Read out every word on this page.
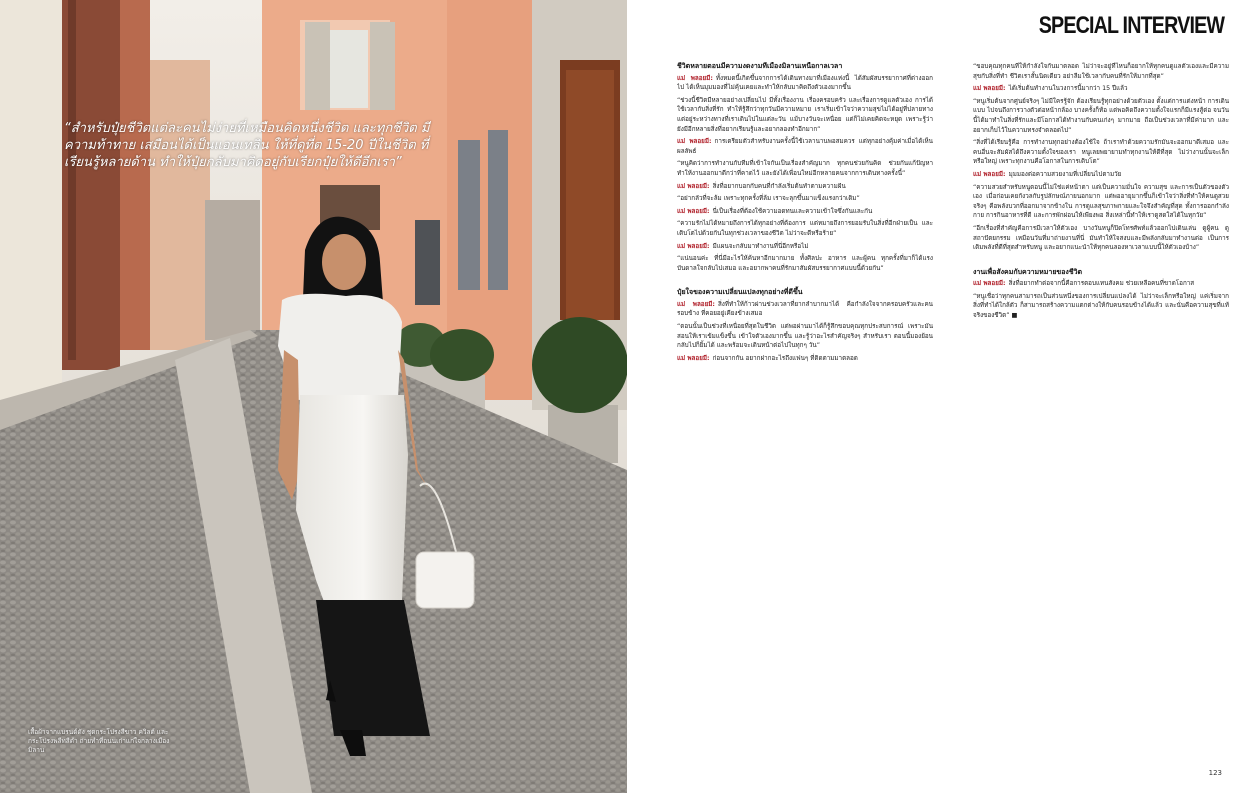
“สำหรับปุ๋ยชีวิตแต่ละคนไม่ง่ายที่เหมือนคิดหนึ่งชีวิต และทุกชีวิต มีความท้าทาย เสมือนได้เป็นแอนเทลิน ให้ที่ดูที่ต 15-20 ปีในชีวิต ที่เรียนรู้หลายด้าน ทำให้ปุ๋ยกลับมาคิดอยู่กับเรียกปุ๋ยให้ดีอีกเรา”
เสื้อผ้าจากแบรนด์ดัง ชุดกระโปรงสีขาว ควิลต์ และกระโปรงพลีทสีดำ ถ่ายทำที่ถนนเก่าแก่ใจกลางเมืองมิลาน
SPECIAL INTERVIEW
ชีวิตหลายตอนมีความงดงามที่เมืองมิลานเหนือกาลเวลา
แม่ พลอยมี: ทั้งหมดนี้เกิดขึ้นจากการได้เดินทางมาที่เมืองแห่งนี้ ได้สัมผัสบรรยากาศที่ต่างออกไป ได้เห็นมุมมองที่ไม่คุ้นเคยและทำให้กลับมาคิดถึงตัวเองมากขึ้น
“ช่วงนี้ชีวิตมีหลายอย่างเปลี่ยนไป มีทั้งเรื่องงาน เรื่องครอบครัว และเรื่องการดูแลตัวเอง การได้ใช้เวลากับสิ่งที่รัก ทำให้รู้สึกว่าทุกวันมีความหมาย เราเริ่มเข้าใจว่าความสุขไม่ได้อยู่ที่ปลายทาง แต่อยู่ระหว่างทางที่เราเดินไปในแต่ละวัน แม้บางวันจะเหนื่อย แต่ก็ไม่เคยคิดจะหยุด เพราะรู้ว่ายังมีอีกหลายสิ่งที่อยากเรียนรู้และอยากลองทำอีกมาก”
แม่ พลอยมี: การเตรียมตัวสำหรับงานครั้งนี้ใช้เวลานานพอสมควร แต่ทุกอย่างคุ้มค่าเมื่อได้เห็นผลลัพธ์
“หนูคิดว่าการทำงานกับทีมที่เข้าใจกันเป็นเรื่องสำคัญมาก ทุกคนช่วยกันคิด ช่วยกันแก้ปัญหา ทำให้งานออกมาดีกว่าที่คาดไว้ และยังได้เพื่อนใหม่อีกหลายคนจากการเดินทางครั้งนี้”
แม่ พลอยมี: สิ่งที่อยากบอกกับคนที่กำลังเริ่มต้นทำตามความฝัน
“อย่ากลัวที่จะล้ม เพราะทุกครั้งที่ล้ม เราจะลุกขึ้นมาแข็งแรงกว่าเดิม”
แม่ พลอยมี: นี่เป็นเรื่องที่ต้องใช้ความอดทนและความเข้าใจซึ่งกันและกัน
“ความรักไม่ได้หมายถึงการได้ทุกอย่างที่ต้องการ แต่หมายถึงการยอมรับในสิ่งที่อีกฝ่ายเป็น และเติบโตไปด้วยกันในทุกช่วงเวลาของชีวิต ไม่ว่าจะดีหรือร้าย”
แม่ พลอยมี: มีแผนจะกลับมาทำงานที่นี่อีกหรือไม่
“แน่นอนค่ะ ที่นี่มีอะไรให้ค้นหาอีกมากมาย ทั้งศิลปะ อาหาร และผู้คน ทุกครั้งที่มาก็ได้แรงบันดาลใจกลับไปเสมอ และอยากพาคนที่รักมาสัมผัสบรรยากาศแบบนี้ด้วยกัน”
ปุ๋ยใจของความเปลี่ยนแปลงทุกอย่างที่ดีขึ้น
แม่ พลอยมี: สิ่งที่ทำให้ก้าวผ่านช่วงเวลาที่ยากลำบากมาได้ คือกำลังใจจากครอบครัวและคนรอบข้าง ที่คอยอยู่เคียงข้างเสมอ
“ตอนนั้นเป็นช่วงที่เหนื่อยที่สุดในชีวิต แต่พอผ่านมาได้ก็รู้สึกขอบคุณทุกประสบการณ์ เพราะมันสอนให้เราเข้มแข็งขึ้น เข้าใจตัวเองมากขึ้น และรู้ว่าอะไรสำคัญจริงๆ สำหรับเรา ตอนนี้มองย้อนกลับไปก็ยิ้มได้ และพร้อมจะเดินหน้าต่อไปในทุกๆ วัน”
แม่ พลอยมี: ก่อนจากกัน อยากฝากอะไรถึงแฟนๆ ที่ติดตามมาตลอด
“ขอบคุณทุกคนที่ให้กำลังใจกันมาตลอด ไม่ว่าจะอยู่ที่ไหนก็อยากให้ทุกคนดูแลตัวเองและมีความสุขกับสิ่งที่ทำ ชีวิตเราสั้นนิดเดียว อย่าลืมใช้เวลากับคนที่รักให้มากที่สุด”
แม่ พลอยมี: ได้เริ่มต้นทำงานในวงการนี้มากว่า 15 ปีแล้ว
“หนูเริ่มต้นจากศูนย์จริงๆ ไม่มีใครรู้จัก ต้องเรียนรู้ทุกอย่างด้วยตัวเอง ตั้งแต่การแต่งหน้า การเดินแบบ ไปจนถึงการวางตัวต่อหน้ากล้อง บางครั้งก็ท้อ แต่พอคิดถึงความตั้งใจแรกก็มีแรงสู้ต่อ จนวันนี้ได้มาทำในสิ่งที่รักและมีโอกาสได้ทำงานกับคนเก่งๆ มากมาย ถือเป็นช่วงเวลาที่มีค่ามาก และอยากเก็บไว้ในความทรงจำตลอดไป”
“สิ่งที่ได้เรียนรู้คือ การทำงานทุกอย่างต้องใช้ใจ ถ้าเราทำด้วยความรักมันจะออกมาดีเสมอ และคนอื่นจะสัมผัสได้ถึงความตั้งใจของเรา หนูเลยพยายามทำทุกงานให้ดีที่สุด ไม่ว่างานนั้นจะเล็กหรือใหญ่ เพราะทุกงานคือโอกาสในการเติบโต”
แม่ พลอยมี: มุมมองต่อความสวยงามที่เปลี่ยนไปตามวัย
“ความสวยสำหรับหนูตอนนี้ไม่ใช่แค่หน้าตา แต่เป็นความมั่นใจ ความสุข และการเป็นตัวของตัวเอง เมื่อก่อนเคยกังวลกับรูปลักษณ์ภายนอกมาก แต่พออายุมากขึ้นก็เข้าใจว่าสิ่งที่ทำให้คนดูสวยจริงๆ คือพลังบวกที่ออกมาจากข้างใน การดูแลสุขภาพกายและใจจึงสำคัญที่สุด ทั้งการออกกำลังกาย การกินอาหารที่ดี และการพักผ่อนให้เพียงพอ สิ่งเหล่านี้ทำให้เราดูสดใสได้ในทุกวัย”
“อีกเรื่องที่สำคัญคือการมีเวลาให้ตัวเอง บางวันหนูก็ปิดโทรศัพท์แล้วออกไปเดินเล่น ดูผู้คน ดูสถาปัตยกรรม เหมือนวันที่มาถ่ายงานที่นี่ มันทำให้ใจสงบและมีพลังกลับมาทำงานต่อ เป็นการเติมพลังที่ดีที่สุดสำหรับหนู และอยากแนะนำให้ทุกคนลองหาเวลาแบบนี้ให้ตัวเองบ้าง”
งานเพื่อสังคมกับความหมายของชีวิต
แม่ พลอยมี: สิ่งที่อยากทำต่อจากนี้คือการตอบแทนสังคม ช่วยเหลือคนที่ขาดโอกาส
“หนูเชื่อว่าทุกคนสามารถเป็นส่วนหนึ่งของการเปลี่ยนแปลงได้ ไม่ว่าจะเล็กหรือใหญ่ แค่เริ่มจากสิ่งที่ทำได้ใกล้ตัว ก็สามารถสร้างความแตกต่างให้กับคนรอบข้างได้แล้ว และนั่นคือความสุขที่แท้จริงของชีวิต” ■
123
